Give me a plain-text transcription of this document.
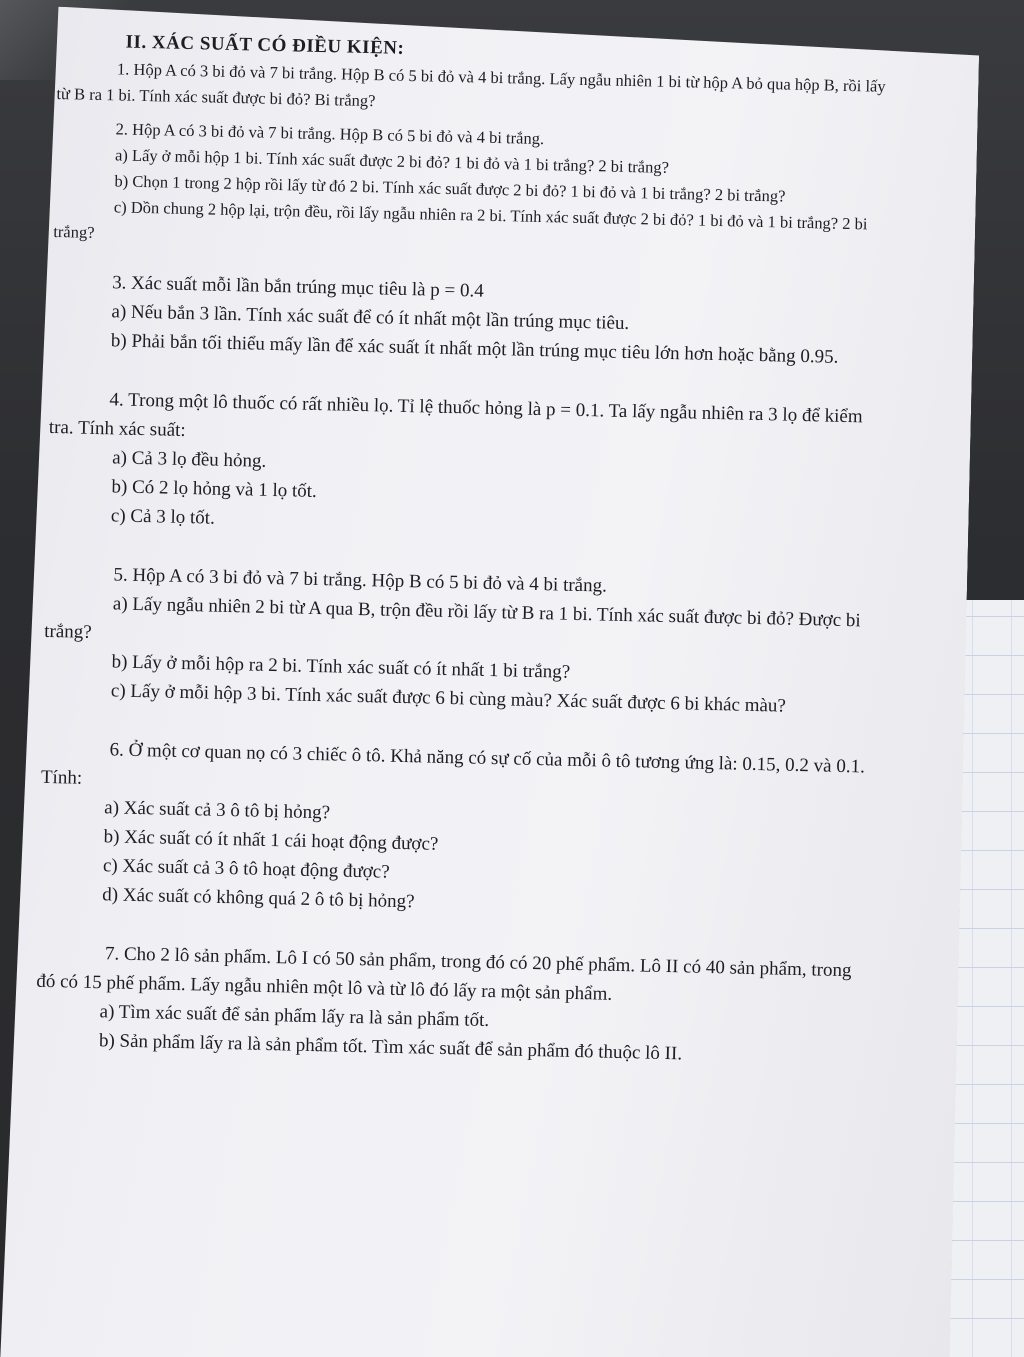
II. XÁC SUẤT CÓ ĐIỀU KIỆN:

1. Hộp A có 3 bi đỏ và 7 bi trắng. Hộp B có 5 bi đỏ và 4 bi trắng. Lấy ngẫu nhiên 1 bi từ hộp A bỏ qua hộp B, rồi lấy từ B ra 1 bi. Tính xác suất được bi đỏ? Bi trắng?

2. Hộp A có 3 bi đỏ và 7 bi trắng. Hộp B có 5 bi đỏ và 4 bi trắng.

a) Lấy ở mỗi hộp 1 bi. Tính xác suất được 2 bi đỏ? 1 bi đỏ và 1 bi trắng? 2 bi trắng?

b) Chọn 1 trong 2 hộp rồi lấy từ đó 2 bi. Tính xác suất được 2 bi đỏ? 1 bi đỏ và 1 bi trắng? 2 bi trắng?

c) Dồn chung 2 hộp lại, trộn đều, rồi lấy ngẫu nhiên ra 2 bi. Tính xác suất được 2 bi đỏ? 1 bi đỏ và 1 bi trắng? 2 bi trắng?

3. Xác suất mỗi lần bắn trúng mục tiêu là p = 0.4

a) Nếu bắn 3 lần. Tính xác suất để có ít nhất một lần trúng mục tiêu.

b) Phải bắn tối thiểu mấy lần để xác suất ít nhất một lần trúng mục tiêu lớn hơn hoặc bằng 0.95.

4. Trong một lô thuốc có rất nhiều lọ. Tỉ lệ thuốc hỏng là p = 0.1. Ta lấy ngẫu nhiên ra 3 lọ để kiểm tra. Tính xác suất:

a) Cả 3 lọ đều hỏng.

b) Có 2 lọ hỏng và 1 lọ tốt.

c) Cả 3 lọ tốt.

5. Hộp A có 3 bi đỏ và 7 bi trắng. Hộp B có 5 bi đỏ và 4 bi trắng.

a) Lấy ngẫu nhiên 2 bi từ A qua B, trộn đều rồi lấy từ B ra 1 bi. Tính xác suất được bi đỏ? Được bi trắng?

b) Lấy ở mỗi hộp ra 2 bi. Tính xác suất có ít nhất 1 bi trắng?

c) Lấy ở mỗi hộp 3 bi. Tính xác suất được 6 bi cùng màu? Xác suất được 6 bi khác màu?

6. Ở một cơ quan nọ có 3 chiếc ô tô. Khả năng có sự cố của mỗi ô tô tương ứng là: 0.15, 0.2 và 0.1. Tính:

a) Xác suất cả 3 ô tô bị hỏng?

b) Xác suất có ít nhất 1 cái hoạt động được?

c) Xác suất cả 3 ô tô hoạt động được?

d) Xác suất có không quá 2 ô tô bị hỏng?

7. Cho 2 lô sản phẩm. Lô I có 50 sản phẩm, trong đó có 20 phế phẩm. Lô II có 40 sản phẩm, trong đó có 15 phế phẩm. Lấy ngẫu nhiên một lô và từ lô đó lấy ra một sản phẩm.

a) Tìm xác suất để sản phẩm lấy ra là sản phẩm tốt.

b) Sản phẩm lấy ra là sản phẩm tốt. Tìm xác suất để sản phẩm đó thuộc lô II.
